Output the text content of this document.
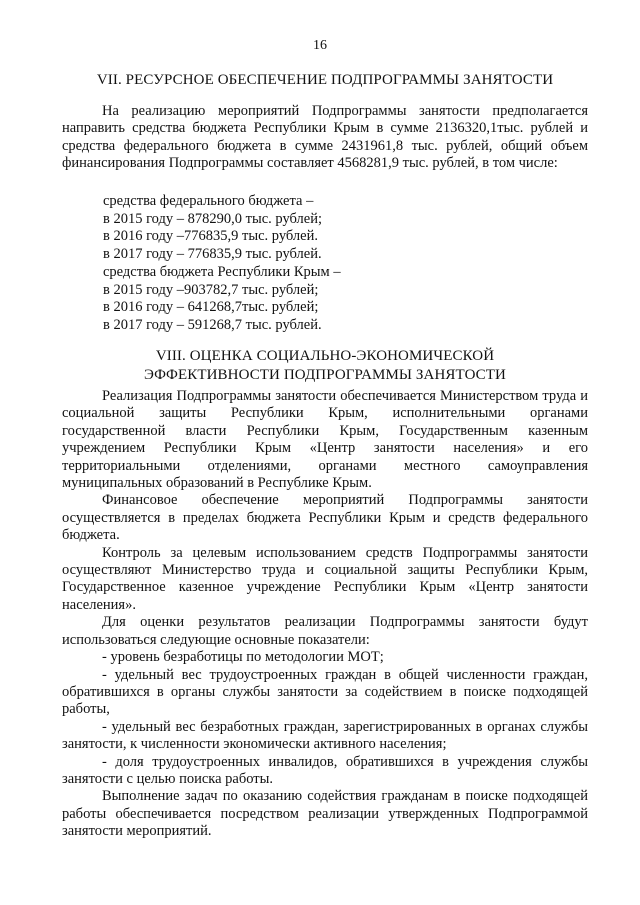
16
VII. РЕСУРСНОЕ ОБЕСПЕЧЕНИЕ ПОДПРОГРАММЫ ЗАНЯТОСТИ

На реализацию мероприятий Подпрограммы занятости предполагается направить средства бюджета Республики Крым в сумме 2136320,1тыс. рублей и средства федерального бюджета в сумме 2431961,8 тыс. рублей, общий объем финансирования Подпрограммы составляет 4568281,9 тыс. рублей, в том числе:

средства федерального бюджета –
в 2015 году – 878290,0 тыс. рублей;
в 2016 году –776835,9 тыс. рублей.
в 2017 году – 776835,9 тыс. рублей.
средства бюджета Республики Крым –
в 2015 году –903782,7 тыс. рублей;
в 2016 году – 641268,7тыс. рублей;
в 2017 году – 591268,7 тыс. рублей.
VIII. ОЦЕНКА СОЦИАЛЬНО-ЭКОНОМИЧЕСКОЙ
ЭФФЕКТИВНОСТИ ПОДПРОГРАММЫ ЗАНЯТОСТИ

Реализация Подпрограммы занятости обеспечивается Министерством труда и социальной защиты Республики Крым, исполнительными органами государственной власти Республики Крым, Государственным казенным учреждением Республики Крым «Центр занятости населения» и его территориальными отделениями, органами местного самоуправления муниципальных образований в Республике Крым.

Финансовое обеспечение мероприятий Подпрограммы занятости осуществляется в пределах бюджета Республики Крым и средств федерального бюджета.

Контроль за целевым использованием средств Подпрограммы занятости осуществляют Министерство труда и социальной защиты Республики Крым, Государственное казенное учреждение Республики Крым «Центр занятости населения».

Для оценки результатов реализации Подпрограммы занятости будут использоваться следующие основные показатели:

- уровень безработицы по методологии МОТ;

- удельный вес трудоустроенных граждан в общей численности граждан, обратившихся в органы службы занятости за содействием в поиске подходящей работы,

- удельный вес безработных граждан, зарегистрированных в органах службы занятости, к численности экономически активного населения;

- доля трудоустроенных инвалидов, обратившихся в учреждения службы занятости с целью поиска работы.

Выполнение задач по оказанию содействия гражданам в поиске подходящей работы обеспечивается посредством реализации утвержденных Подпрограммой занятости мероприятий.
